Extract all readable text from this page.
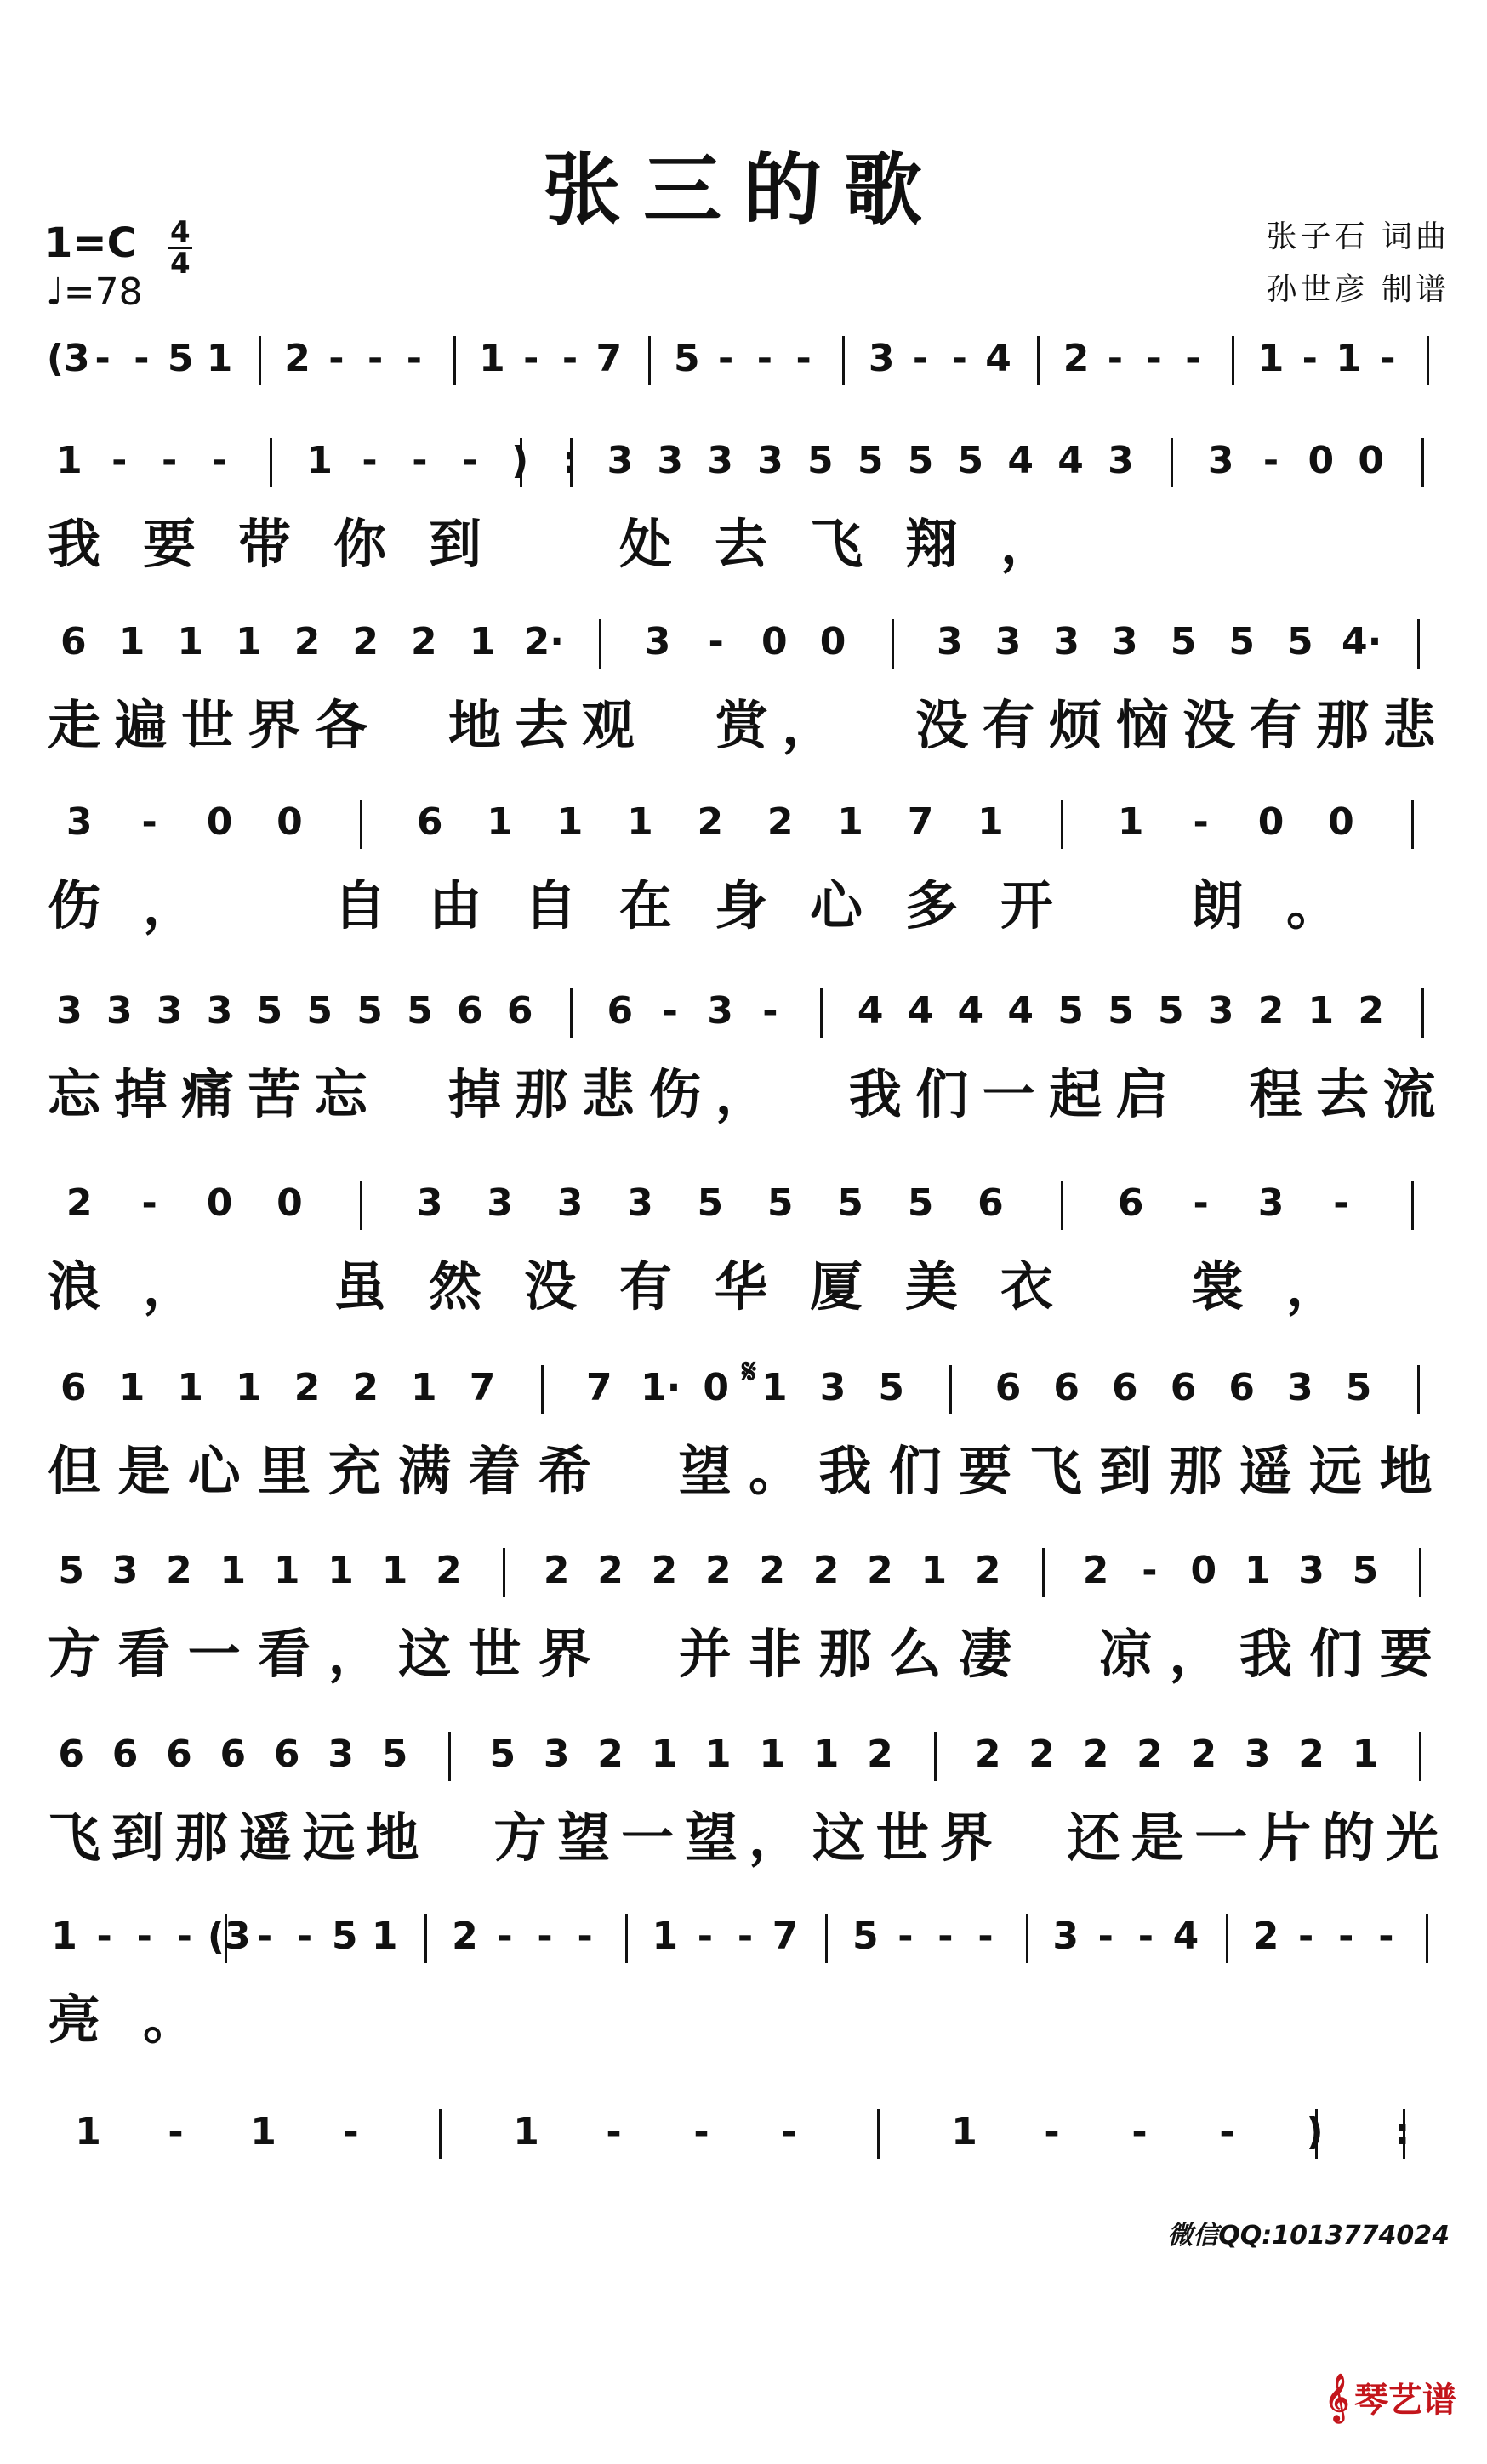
张三的歌
张子石 词曲
孙世彦 制谱
1=C 4
4
♩=78
𝄋
(3 - - 5 1 2 - - - 1 - - 7 5 - - - 3 - - 4 2 - - - 1 - 1 -
1 - - - 1 - - - ) : 3 3 3 3 5 5 5 5 4 4 3 3 - 0 0
我 要 带 你 到	处 去 飞 翔 ，
6 1 1 1 2 2 2 1 2· 3 - 0 0 3 3 3 3 5 5 5 4·
走 遍 世 界 各 地 去 观 赏 ， 没 有 烦 恼 没 有 那 悲
3 - 0 0	6 1 1 1 2 2 1 7 1	1 - 0 0
伤 ，	自 由 自 在 身 心 多 开	朗 。
3 3 3 3 5 5 5 5 6 6 6 - 3 - 4 4 4 4 5 5 5 3 2 1 2
忘 掉 痛 苦 忘 掉 那 悲 伤 ， 我 们 一 起 启 程 去 流
2 - 0 0	3 3 3 3 5 5 5 5 6	6 - 3 -
浪 ，	虽 然 没 有 华 厦 美 衣	裳 ，
6 1 1 1 2 2 1 7 7 1· 0 1 3 5 6 6 6 6 6 3 5
但 是 心 里 充 满 着 希 望 。 我 们 要 飞 到 那 遥 远 地
5 3 2 1 1 1 1 2 2 2 2 2 2 2 2 1 2 2 - 0 1 3 5
方 看 一 看 ， 这 世 界 并 非 那 么 凄 凉 ， 我 们 要
6 6 6 6 6 3 5 5 3 2 1 1 1 1 2 2 2 2 2 2 3 2 1
飞 到 那 遥 远 地 方 望 一 望 ， 这 世 界 还 是 一 片 的 光
1 - - - (3 - - 5 1 2 - - - 1 - - 7 5 - - - 3 - - 4 2 - - -
亮 。
1 - 1 -	1 - - -	1 - - - ) :
微信QQ:1013774024
𝄞 琴艺谱
